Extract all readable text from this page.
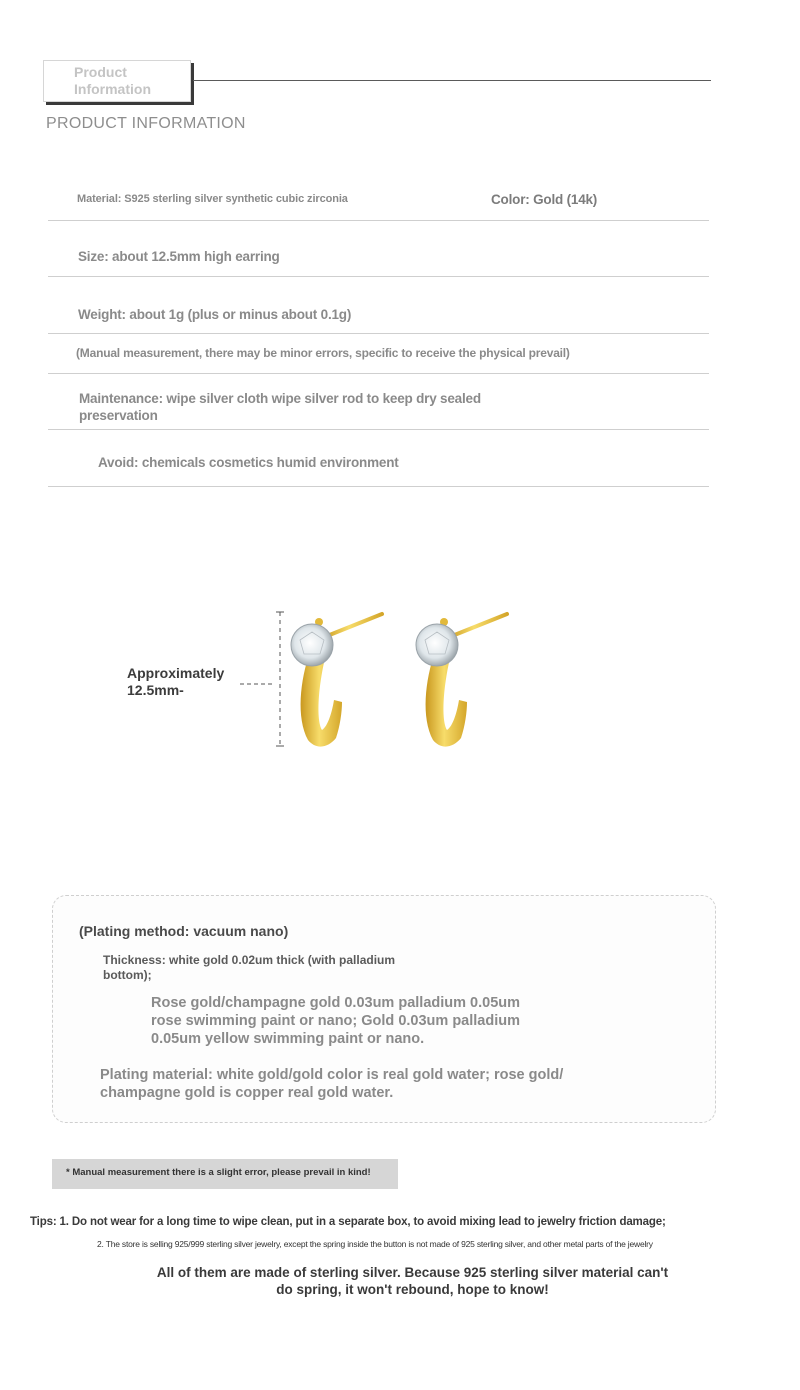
Product
Information
PRODUCT INFORMATION
Material: S925 sterling silver synthetic cubic zirconia	Color: Gold (14k)
Size: about 12.5mm high earring
Weight: about 1g (plus or minus about 0.1g)
(Manual measurement, there may be minor errors, specific to receive the physical prevail)
Maintenance: wipe silver cloth wipe silver rod to keep dry sealed
preservation
Avoid: chemicals cosmetics humid environment
Approximately
12.5mm-
(Plating method: vacuum nano)
Thickness: white gold 0.02um thick (with palladium
bottom);
Rose gold/champagne gold 0.03um palladium 0.05um
rose swimming paint or nano; Gold 0.03um palladium
0.05um yellow swimming paint or nano.
Plating material: white gold/gold color is real gold water; rose gold/
champagne gold is copper real gold water.
* Manual measurement there is a slight error, please prevail in kind!
Tips: 1. Do not wear for a long time to wipe clean, put in a separate box, to avoid mixing lead to jewelry friction damage;
2. The store is selling 925/999 sterling silver jewelry, except the spring inside the button is not made of 925 sterling silver, and other metal parts of the jewelry
All of them are made of sterling silver. Because 925 sterling silver material can't
do spring, it won't rebound, hope to know!
